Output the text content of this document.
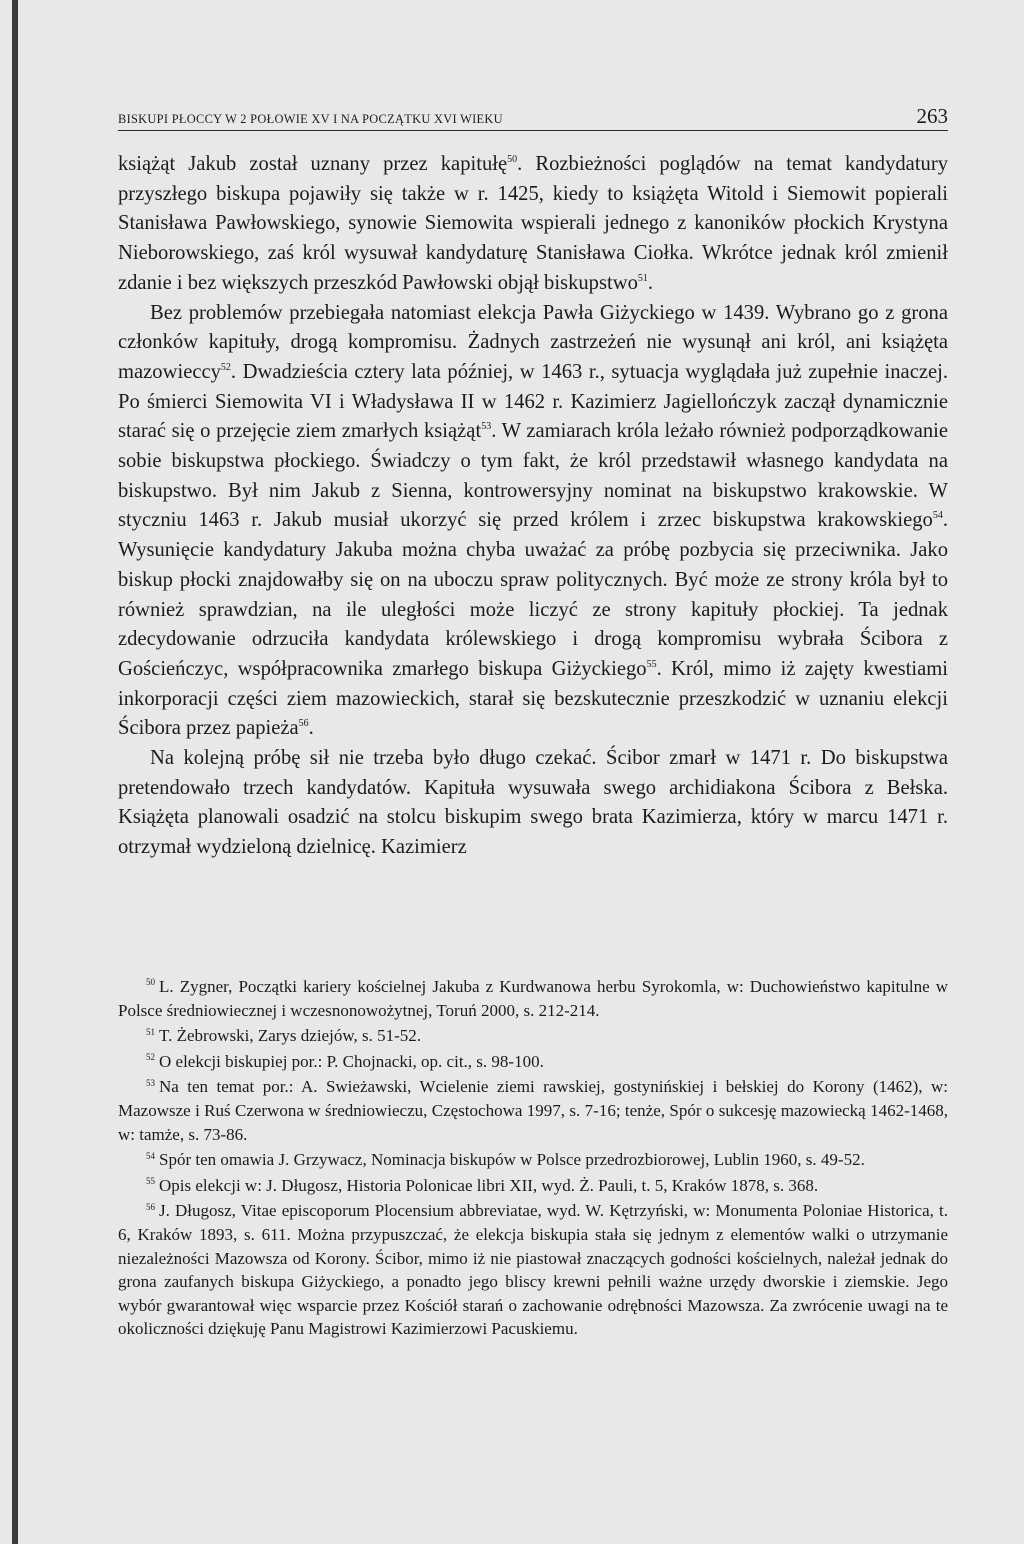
BISKUPI PŁOCCY W 2 POŁOWIE XV I NA POCZĄTKU XVI WIEKU	263

książąt Jakub został uznany przez kapitułę$^{50}$. Rozbieżności poglądów na temat kandydatury przyszłego biskupa pojawiły się także w r. 1425, kiedy to książęta Witold i Siemowit popierali Stanisława Pawłowskiego, synowie Siemowita wspierali jednego z kanoników płockich Krystyna Nieborowskiego, zaś król wysuwał kandydaturę Stanisława Ciołka. Wkrótce jednak król zmienił zdanie i bez większych przeszkód Pawłowski objął biskupstwo$^{51}$.

Bez problemów przebiegała natomiast elekcja Pawła Giżyckiego w 1439. Wybrano go z grona członków kapituły, drogą kompromisu. Żadnych zastrzeżeń nie wysunął ani król, ani książęta mazowieccy$^{52}$. Dwadzieścia cztery lata później, w 1463 r., sytuacja wyglądała już zupełnie inaczej. Po śmierci Siemowita VI i Władysława II w 1462 r. Kazimierz Jagiellończyk zaczął dynamicznie starać się o przejęcie ziem zmarłych książąt$^{53}$. W zamiarach króla leżało również podporządkowanie sobie biskupstwa płockiego. Świadczy o tym fakt, że król przedstawił własnego kandydata na biskupstwo. Był nim Jakub z Sienna, kontrowersyjny nominat na biskupstwo krakowskie. W styczniu 1463 r. Jakub musiał ukorzyć się przed królem i zrzec biskupstwa krakowskiego$^{54}$. Wysunięcie kandydatury Jakuba można chyba uważać za próbę pozbycia się przeciwnika. Jako biskup płocki znajdowałby się on na uboczu spraw politycznych. Być może ze strony króla był to również sprawdzian, na ile uległości może liczyć ze strony kapituły płockiej. Ta jednak zdecydowanie odrzuciła kandydata królewskiego i drogą kompromisu wybrała Ścibora z Gościeńczyc, współpracownika zmarłego biskupa Giżyckiego$^{55}$. Król, mimo iż zajęty kwestiami inkorporacji części ziem mazowieckich, starał się bezskutecznie przeszkodzić w uznaniu elekcji Ścibora przez papieża$^{56}$.

Na kolejną próbę sił nie trzeba było długo czekać. Ścibor zmarł w 1471 r. Do biskupstwa pretendowało trzech kandydatów. Kapituła wysuwała swego archidiakona Ścibora z Bełska. Książęta planowali osadzić na stolcu biskupim swego brata Kazimierza, który w marcu 1471 r. otrzymał wydzieloną dzielnicę. Kazimierz

$^{50}$ L. Zygner, Początki kariery kościelnej Jakuba z Kurdwanowa herbu Syrokomla, w: Duchowieństwo kapitulne w Polsce średniowiecznej i wczesnonowożytnej, Toruń 2000, s. 212-214.

$^{51}$ T. Żebrowski, Zarys dziejów, s. 51-52.

$^{52}$ O elekcji biskupiej por.: P. Chojnacki, op. cit., s. 98-100.

$^{53}$ Na ten temat por.: A. Swieżawski, Wcielenie ziemi rawskiej, gostynińskiej i bełskiej do Korony (1462), w: Mazowsze i Ruś Czerwona w średniowieczu, Częstochowa 1997, s. 7-16; tenże, Spór o sukcesję mazowiecką 1462-1468, w: tamże, s. 73-86.

$^{54}$ Spór ten omawia J. Grzywacz, Nominacja biskupów w Polsce przedrozbiorowej, Lublin 1960, s. 49-52.

$^{55}$ Opis elekcji w: J. Długosz, Historia Polonicae libri XII, wyd. Ż. Pauli, t. 5, Kraków 1878, s. 368.

$^{56}$ J. Długosz, Vitae episcoporum Plocensium abbreviatae, wyd. W. Kętrzyński, w: Monumenta Poloniae Historica, t. 6, Kraków 1893, s. 611. Można przypuszczać, że elekcja biskupia stała się jednym z elementów walki o utrzymanie niezależności Mazowsza od Korony. Ścibor, mimo iż nie piastował znaczących godności kościelnych, należał jednak do grona zaufanych biskupa Giżyckiego, a ponadto jego bliscy krewni pełnili ważne urzędy dworskie i ziemskie. Jego wybór gwarantował więc wsparcie przez Kościół starań o zachowanie odrębności Mazowsza. Za zwrócenie uwagi na te okoliczności dziękuję Panu Magistrowi Kazimierzowi Pacuskiemu.
